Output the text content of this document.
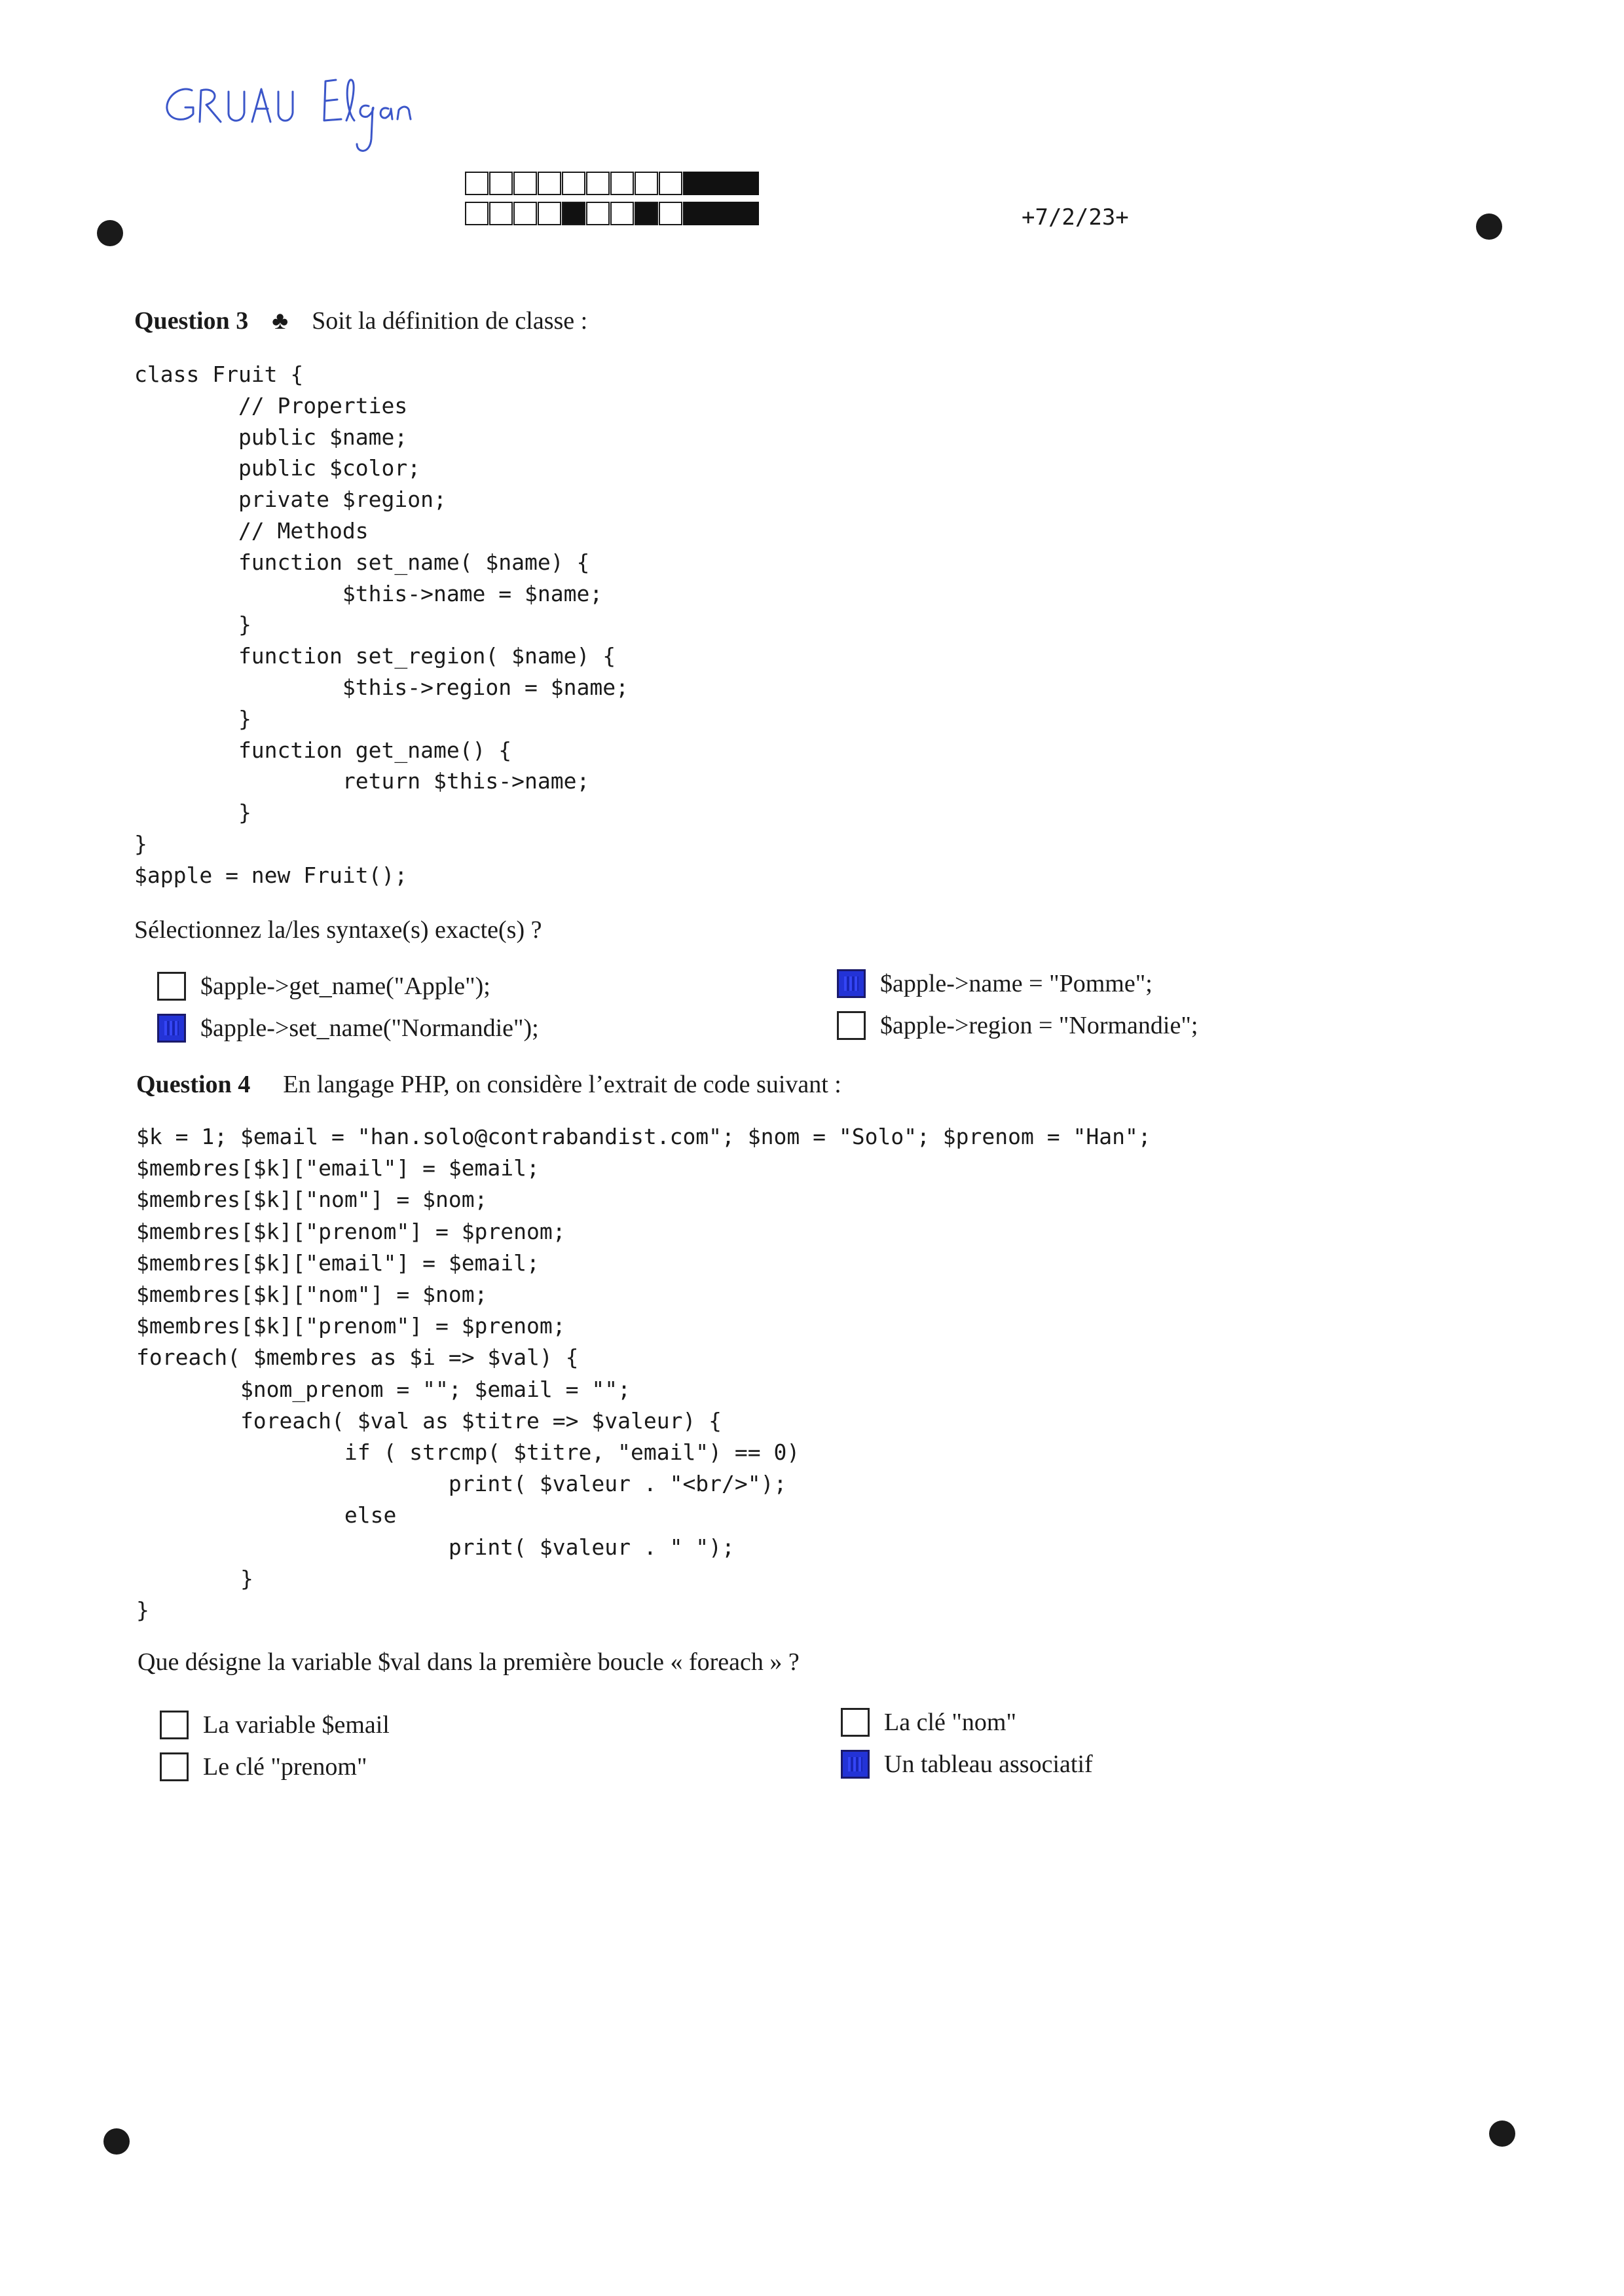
+7/2/23+
Question 3 ♣ Soit la définition de classe :
class Fruit {
// Properties
public $name;
public $color;
private $region;
// Methods
function set_name( $name) {
$this->name = $name;
}
function set_region( $name) {
$this->region = $name;
}
function get_name() {
return $this->name;
}
}
$apple = new Fruit();
Sélectionnez la/les syntaxe(s) exacte(s) ?
$apple->get_name("Apple");	$apple->name = "Pomme";
$apple->set_name("Normandie");	$apple->region = "Normandie";
Question 4 En langage PHP, on considère l’extrait de code suivant :
$k = 1; $email = "han.solo@contrabandist.com"; $nom = "Solo"; $prenom = "Han";
$membres[$k]["email"] = $email;
$membres[$k]["nom"] = $nom;
$membres[$k]["prenom"] = $prenom;
$membres[$k]["email"] = $email;
$membres[$k]["nom"] = $nom;
$membres[$k]["prenom"] = $prenom;
foreach( $membres as $i => $val) {
$nom_prenom = ""; $email = "";
foreach( $val as $titre => $valeur) {
if ( strcmp( $titre, "email") == 0)
print( $valeur . "<br/>");
else
print( $valeur . " ");
}
}
Que désigne la variable $val dans la première boucle « foreach » ?
La variable $email	La clé "nom"
Le clé "prenom"	Un tableau associatif
